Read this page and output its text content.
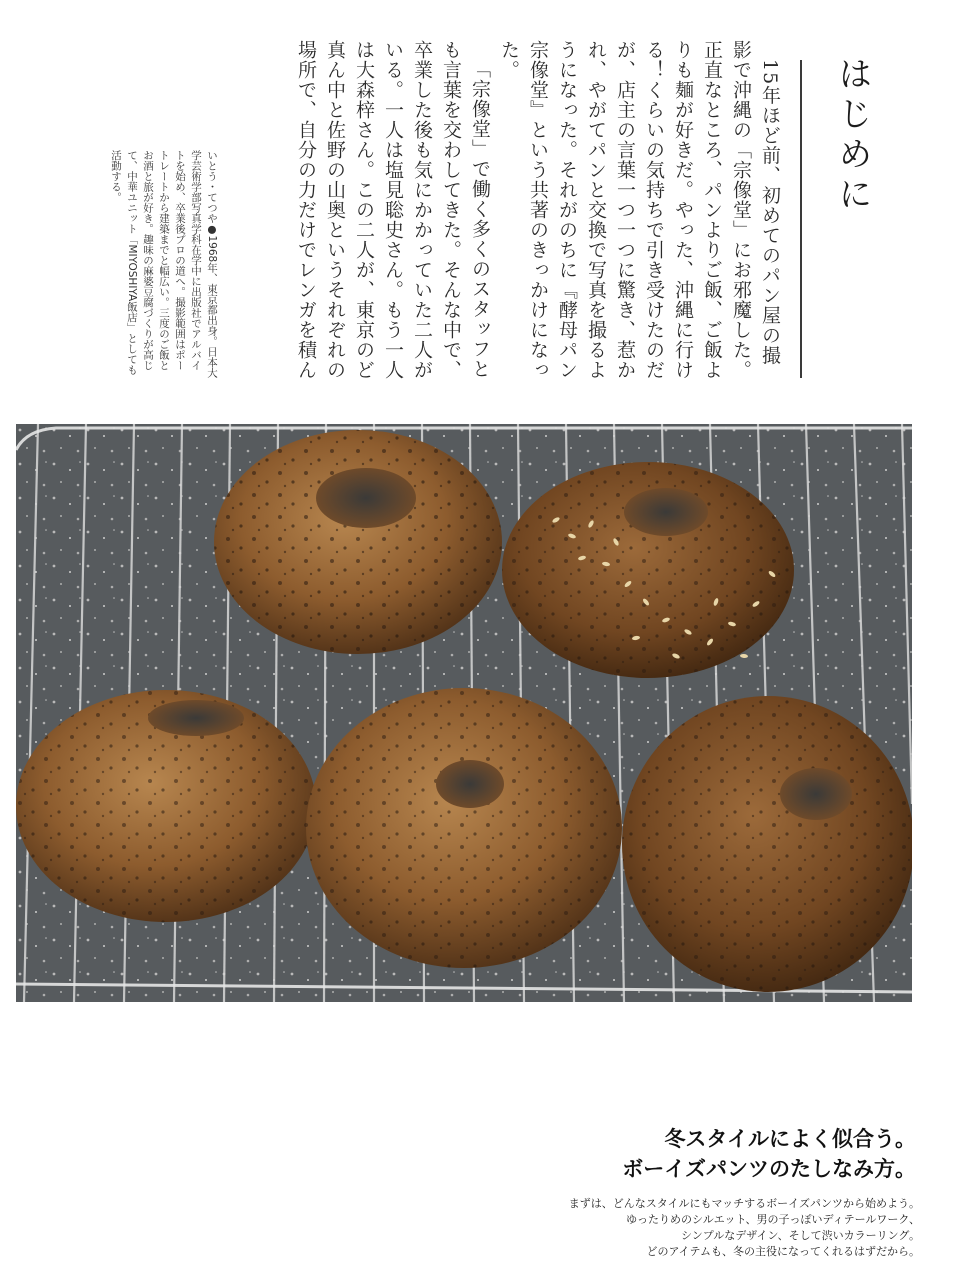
はじめに

15年ほど前、初めてのパン屋の撮影で沖縄の「宗像堂」にお邪魔した。正直なところ、パンよりご飯、ご飯よりも麺が好きだ。やった、沖縄に行ける！くらいの気持ちで引き受けたのだが、店主の言葉一つ一つに驚き、惹かれ、やがてパンと交換で写真を撮るようになった。それがのちに『酵母パン 宗像堂』という共著のきっかけになった。

「宗像堂」で働く多くのスタッフとも言葉を交わしてきた。そんな中で、卒業した後も気にかかっていた二人がいる。一人は塩見聡史さん。もう一人は大森梓さん。この二人が、東京のど真ん中と佐野の山奥というそれぞれの場所で、自分の力だけでレンガを積ん

いとう・てつや●1968年、東京都出身。日本大学芸術学部写真学科在学中に出版社でアルバイトを始め、卒業後プロの道へ。撮影範囲はポートレートから建築までと幅広い。三度のご飯とお酒と旅が好き。趣味の麻婆豆腐づくりが高じて、中華ユニット「MIYOSHIYA飯店」としても活動する。
冬スタイルによく似合う。
ボーイズパンツのたしなみ方。
まずは、どんなスタイルにもマッチするボーイズパンツから始めよう。
ゆったりめのシルエット、男の子っぽいディテールワーク、
シンプルなデザイン、そして渋いカラーリング。
どのアイテムも、冬の主役になってくれるはずだから。
